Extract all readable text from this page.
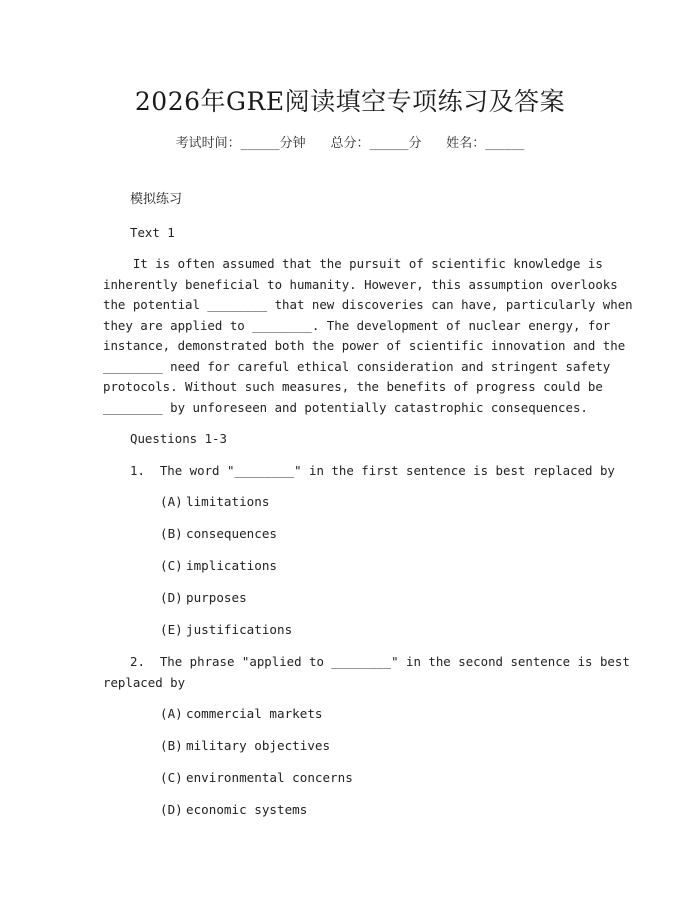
2026年GRE阅读填空专项练习及答案
考试时间：______分钟 总分：______分 姓名：______
模拟练习
Text 1
It is often assumed that the pursuit of scientific knowledge is
inherently beneficial to humanity. However, this assumption overlooks
the potential ________ that new discoveries can have, particularly when
they are applied to ________. The development of nuclear energy, for
instance, demonstrated both the power of scientific innovation and the
________ need for careful ethical consideration and stringent safety
protocols. Without such measures, the benefits of progress could be
________ by unforeseen and potentially catastrophic consequences.
Questions 1-3
1.  The word "________" in the first sentence is best replaced by
(A) limitations
(B) consequences
(C) implications
(D) purposes
(E) justifications
2.  The phrase "applied to ________" in the second sentence is best
replaced by
(A) commercial markets
(B) military objectives
(C) environmental concerns
(D) economic systems
